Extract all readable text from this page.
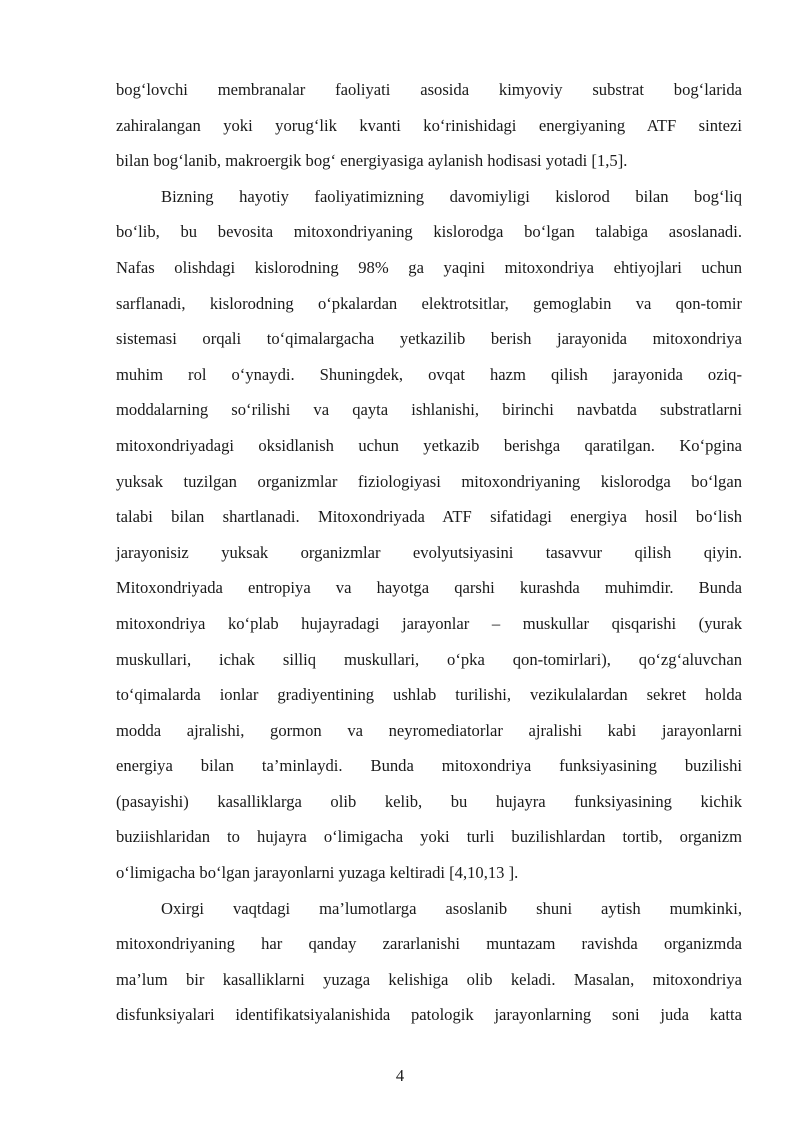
bog‘lovchi membranalar faoliyati asosida kimyoviy substrat bog‘larida
zahiralangan yoki yorug‘lik kvanti ko‘rinishidagi energiyaning ATF sintezi
bilan bog‘lanib, makroergik bog‘ energiyasiga aylanish hodisasi yotadi [1,5].
Bizning hayotiy faoliyatimizning davomiyligi kislorod bilan bog‘liq
bo‘lib, bu bevosita mitoxondriyaning kislorodga bo‘lgan talabiga asoslanadi.
Nafas olishdagi kislorodning 98% ga yaqini mitoxondriya ehtiyojlari uchun
sarflanadi, kislorodning o‘pkalardan elektrotsitlar, gemoglabin va qon-tomir
sistemasi orqali to‘qimalargacha yetkazilib berish jarayonida mitoxondriya
muhim rol o‘ynaydi. Shuningdek, ovqat hazm qilish jarayonida oziq-
moddalarning so‘rilishi va qayta ishlanishi, birinchi navbatda substratlarni
mitoxondriyadagi oksidlanish uchun yetkazib berishga qaratilgan. Ko‘pgina
yuksak tuzilgan organizmlar fiziologiyasi mitoxondriyaning kislorodga bo‘lgan
talabi bilan shartlanadi. Mitoxondriyada ATF sifatidagi energiya hosil bo‘lish
jarayonisiz yuksak organizmlar evolyutsiyasini tasavvur qilish qiyin.
Mitoxondriyada entropiya va hayotga qarshi kurashda muhimdir. Bunda
mitoxondriya ko‘plab hujayradagi jarayonlar – muskullar qisqarishi (yurak
muskullari, ichak silliq muskullari, o‘pka qon-tomirlari), qo‘zg‘aluvchan
to‘qimalarda ionlar gradiyentining ushlab turilishi, vezikulalardan sekret holda
modda ajralishi, gormon va neyromediatorlar ajralishi kabi jarayonlarni
energiya bilan ta’minlaydi. Bunda mitoxondriya funksiyasining buzilishi
(pasayishi) kasalliklarga olib kelib, bu hujayra funksiyasining kichik
buziishlaridan to hujayra o‘limigacha yoki turli buzilishlardan tortib, organizm
o‘limigacha bo‘lgan jarayonlarni yuzaga keltiradi [4,10,13 ].
Oxirgi vaqtdagi ma’lumotlarga asoslanib shuni aytish mumkinki,
mitoxondriyaning har qanday zararlanishi muntazam ravishda organizmda
ma’lum bir kasalliklarni yuzaga kelishiga olib keladi. Masalan, mitoxondriya
disfunksiyalari identifikatsiyalanishida patologik jarayonlarning soni juda katta
4
